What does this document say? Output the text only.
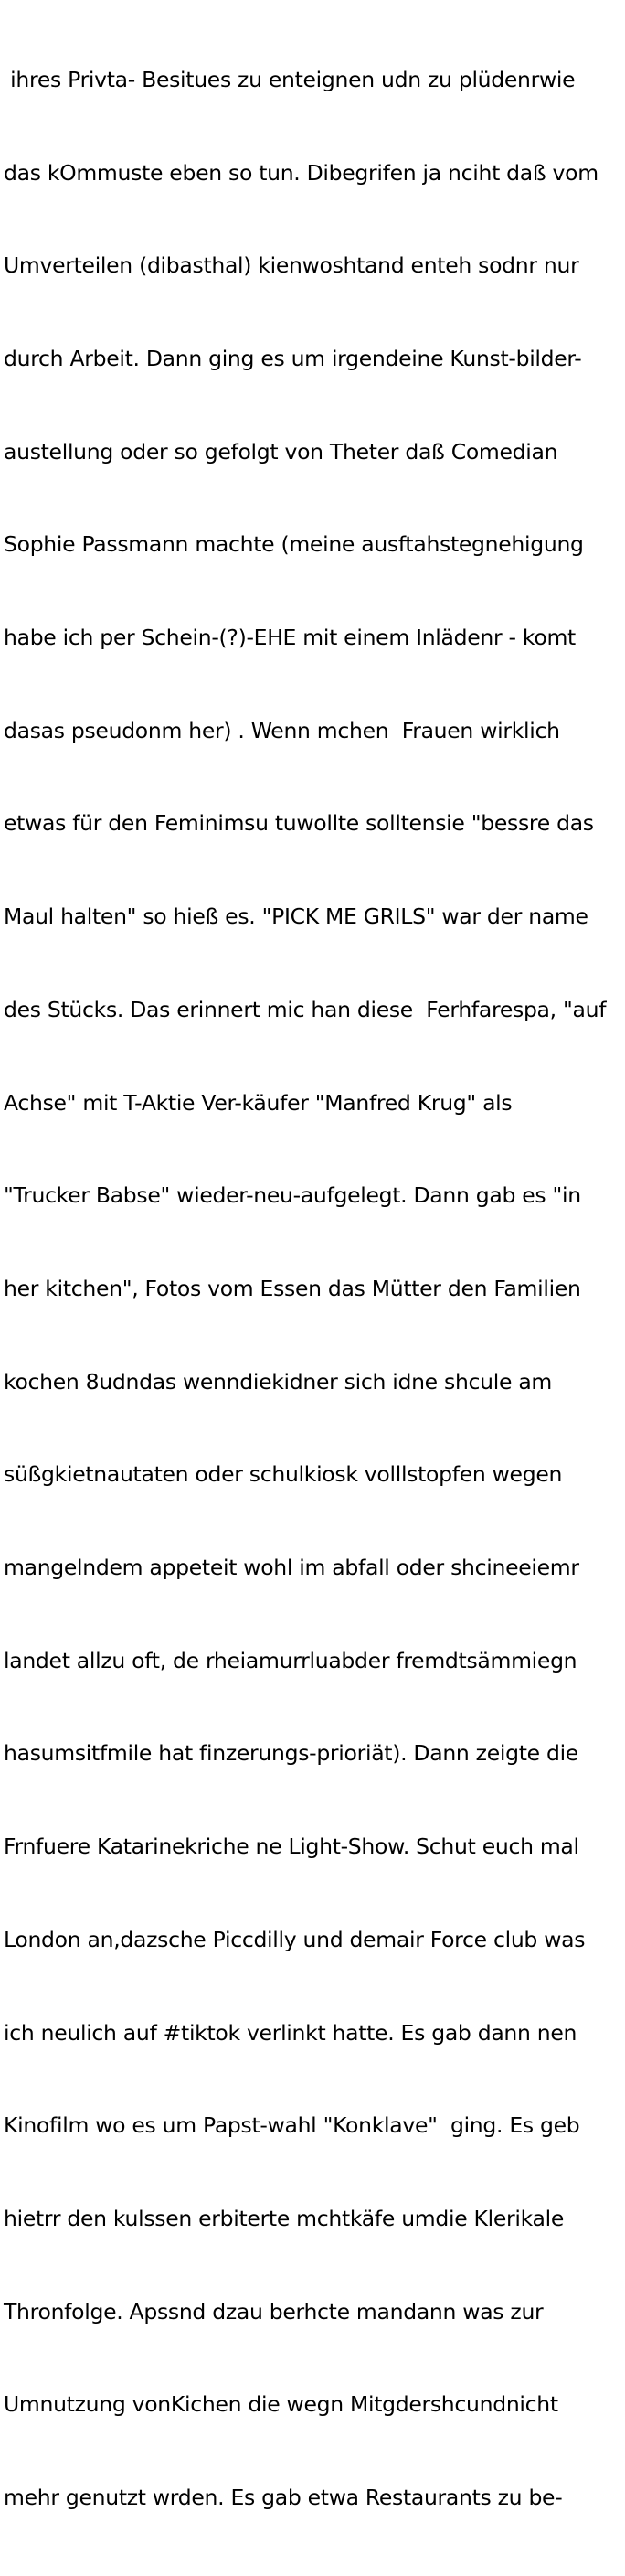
ihres Privta- Besitues zu enteignen udn zu plüdenrwie

das kOmmuste eben so tun. Dibegrifen ja nciht daß vom

Umverteilen (dibasthal) kienwoshtand enteh sodnr nur

durch Arbeit. Dann ging es um irgendeine Kunst-bilder-

austellung oder so gefolgt von Theter daß Comedian

Sophie Passmann machte (meine ausftahstegnehigung

habe ich per Schein-(?)-EHE mit einem Inlädenr - komt

dasas pseudonm her) . Wenn mchen  Frauen wirklich

etwas für den Feminimsu tuwollte solltensie "bessre das

Maul halten" so hieß es. "PICK ME GRILS" war der name

des Stücks. Das erinnert mic han diese  Ferhfarespa, "auf

Achse" mit T-Aktie Ver-käufer "Manfred Krug" als

"Trucker Babse" wieder-neu-aufgelegt. Dann gab es "in

her kitchen", Fotos vom Essen das Mütter den Familien

kochen 8udndas wenndiekidner sich idne shcule am

süßgkietnautaten oder schulkiosk volllstopfen wegen

mangelndem appeteit wohl im abfall oder shcineeiemr

landet allzu oft, de rheiamurrluabder fremdtsämmiegn

hasumsitfmile hat finzerungs-prioriät). Dann zeigte die

Frnfuere Katarinekriche ne Light-Show. Schut euch mal

London an,dazsche Piccdilly und demair Force club was

ich neulich auf #tiktok verlinkt hatte. Es gab dann nen

Kinofilm wo es um Papst-wahl "Konklave"  ging. Es geb

hietrr den kulssen erbiterte mchtkäfe umdie Klerikale

Thronfolge. Apssnd dzau berhcte mandann was zur

Umnutzung vonKichen die wegn Mitgdershcundnicht

mehr genutzt wrden. Es gab etwa Restaurants zu be-
